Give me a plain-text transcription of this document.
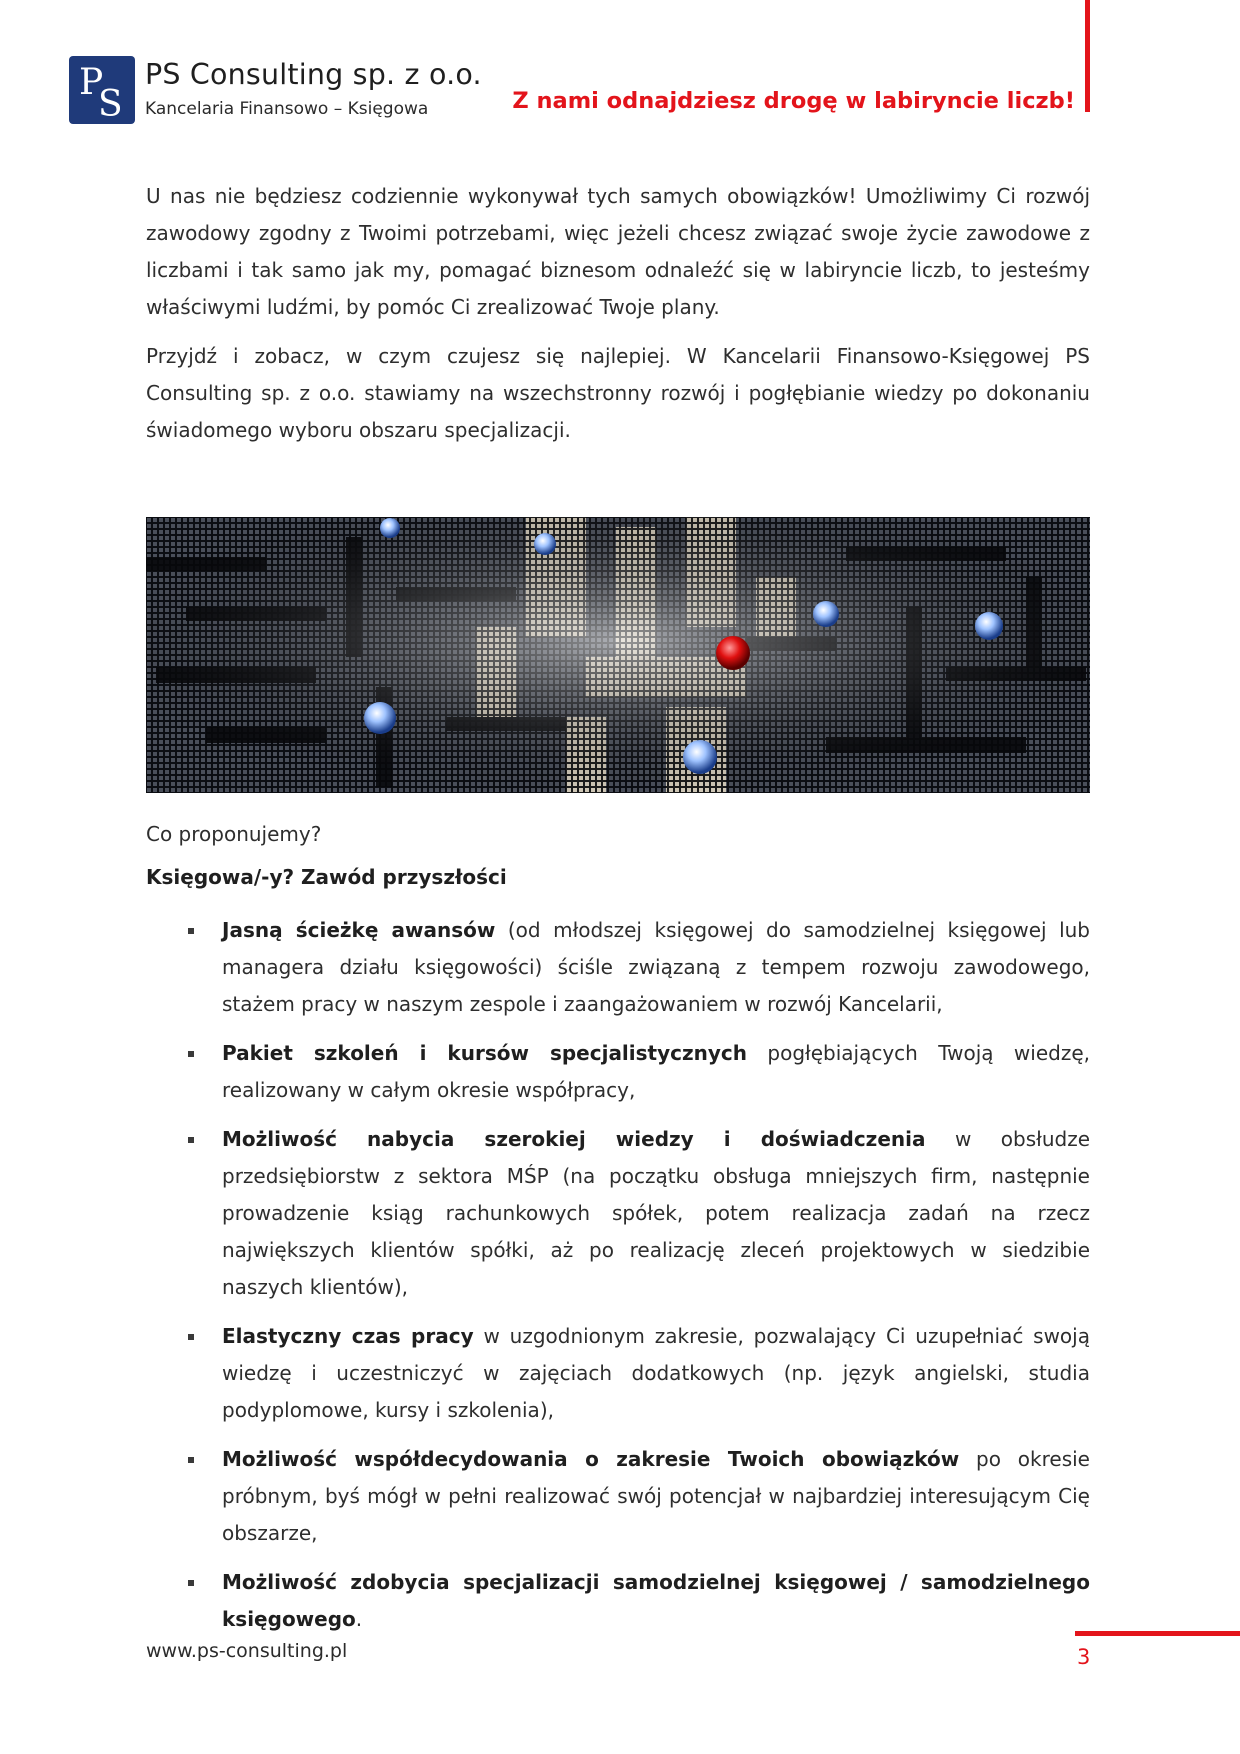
P
S
PS Consulting sp. z o.o.
Kancelaria Finansowo – Księgowa	Z nami odnajdziesz drogę w labiryncie liczb!

U nas nie będziesz codziennie wykonywał tych samych obowiązków! Umożliwimy Ci rozwój zawodowy zgodny z Twoimi potrzebami, więc jeżeli chcesz związać swoje życie zawodowe z liczbami i tak samo jak my, pomagać biznesom odnaleźć się w labiryncie liczb, to jesteśmy właściwymi ludźmi, by pomóc Ci zrealizować Twoje plany.

Przyjdź i zobacz, w czym czujesz się najlepiej. W Kancelarii Finansowo-Księgowej PS Consulting sp. z o.o. stawiamy na wszechstronny rozwój i pogłębianie wiedzy po dokonaniu świadomego wyboru obszaru specjalizacji.

Co proponujemy?
Księgowa/-y? Zawód przyszłości
Jasną ścieżkę awansów (od młodszej księgowej do samodzielnej księgowej lub managera działu księgowości) ściśle związaną z tempem rozwoju zawodowego, stażem pracy w naszym zespole i zaangażowaniem w rozwój Kancelarii,
Pakiet szkoleń i kursów specjalistycznych pogłębiających Twoją wiedzę, realizowany w całym okresie współpracy,
Możliwość nabycia szerokiej wiedzy i doświadczenia w obsłudze przedsiębiorstw z sektora MŚP (na początku obsługa mniejszych firm, następnie prowadzenie ksiąg rachunkowych spółek, potem realizacja zadań na rzecz największych klientów spółki, aż po realizację zleceń projektowych w siedzibie naszych klientów),
Elastyczny czas pracy w uzgodnionym zakresie, pozwalający Ci uzupełniać swoją wiedzę i uczestniczyć w zajęciach dodatkowych (np. język angielski, studia podyplomowe, kursy i szkolenia),
Możliwość współdecydowania o zakresie Twoich obowiązków po okresie próbnym, byś mógł w pełni realizować swój potencjał w najbardziej interesującym Cię obszarze,
Możliwość zdobycia specjalizacji samodzielnej księgowej / samodzielnego księgowego.
www.ps-consulting.pl	3
